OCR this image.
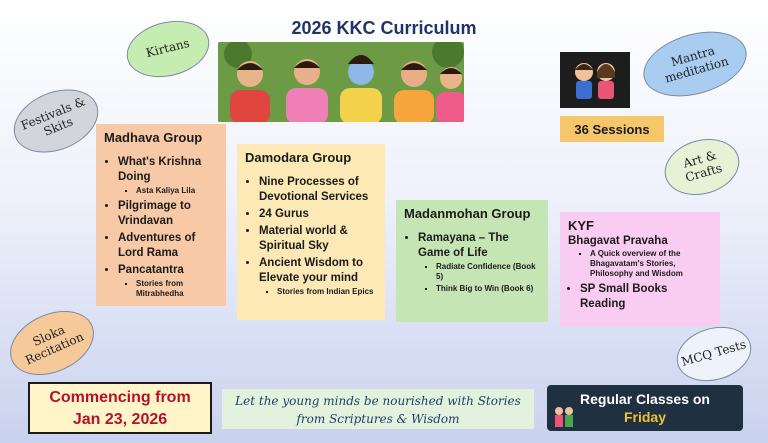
2026 KKC Curriculum
Kirtans
Festivals & Skits
Mantra meditation
Art & Crafts
Sloka Recitation	MCQ Tests
36 Sessions
Madhava Group
• What's Krishna Doing
▪ Asta Kaliya Lila
• Pilgrimage to Vrindavan
• Adventures of Lord Rama
• Pancatantra
▪ Stories from Mitrabhedha
Damodara Group
• Nine Processes of Devotional Services
• 24 Gurus
• Material world & Spiritual Sky
• Ancient Wisdom to Elevate your mind
▪ Stories from Indian Epics
Madanmohan Group
• Ramayana – The Game of Life
▪ Radiate Confidence (Book 5)
▪ Think Big to Win (Book 6)
KYF
Bhagavat Pravaha
▪ A Quick overview of the Bhagavatam's Stories, Philosophy and Wisdom
• SP Small Books Reading
Commencing from
Jan 23, 2026
Let the young minds be nourished with Stories from Scriptures & Wisdom
Regular Classes on
Friday
